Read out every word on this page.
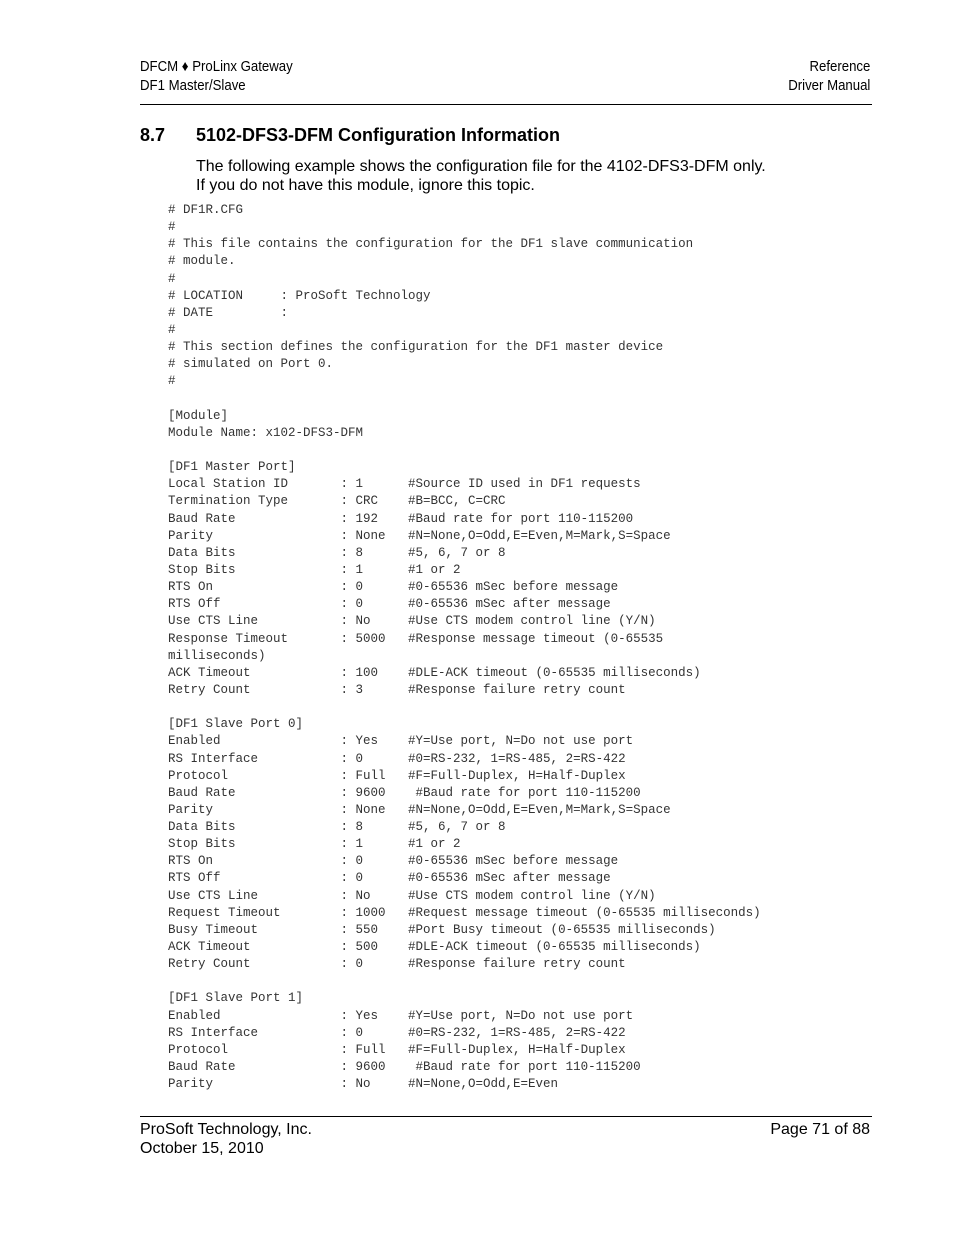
DFCM ♦ ProLinx Gateway
DF1 Master/Slave
Reference
Driver Manual
8.7 5102-DFS3-DFM Configuration Information
The following example shows the configuration file for the 4102-DFS3-DFM only.
If you do not have this module, ignore this topic.
# DF1R.CFG
#
# This file contains the configuration for the DF1 slave communication
# module.
#
# LOCATION     : ProSoft Technology
# DATE         :
#
# This section defines the configuration for the DF1 master device
# simulated on Port 0.
#
[Module]
Module Name: x102-DFS3-DFM
[DF1 Master Port]
Local Station ID       : 1      #Source ID used in DF1 requests
Termination Type       : CRC    #B=BCC, C=CRC
Baud Rate              : 192    #Baud rate for port 110-115200
Parity                 : None   #N=None,O=Odd,E=Even,M=Mark,S=Space
Data Bits              : 8      #5, 6, 7 or 8
Stop Bits              : 1      #1 or 2
RTS On                 : 0      #0-65536 mSec before message
RTS Off                : 0      #0-65536 mSec after message
Use CTS Line           : No     #Use CTS modem control line (Y/N)
Response Timeout       : 5000   #Response message timeout (0-65535
milliseconds)
ACK Timeout            : 100    #DLE-ACK timeout (0-65535 milliseconds)
Retry Count            : 3      #Response failure retry count
[DF1 Slave Port 0]
Enabled                : Yes    #Y=Use port, N=Do not use port
RS Interface           : 0      #0=RS-232, 1=RS-485, 2=RS-422
Protocol               : Full   #F=Full-Duplex, H=Half-Duplex
Baud Rate              : 9600    #Baud rate for port 110-115200
Parity                 : None   #N=None,O=Odd,E=Even,M=Mark,S=Space
Data Bits              : 8      #5, 6, 7 or 8
Stop Bits              : 1      #1 or 2
RTS On                 : 0      #0-65536 mSec before message
RTS Off                : 0      #0-65536 mSec after message
Use CTS Line           : No     #Use CTS modem control line (Y/N)
Request Timeout        : 1000   #Request message timeout (0-65535 milliseconds)
Busy Timeout           : 550    #Port Busy timeout (0-65535 milliseconds)
ACK Timeout            : 500    #DLE-ACK timeout (0-65535 milliseconds)
Retry Count            : 0      #Response failure retry count
[DF1 Slave Port 1]
Enabled                : Yes    #Y=Use port, N=Do not use port
RS Interface           : 0      #0=RS-232, 1=RS-485, 2=RS-422
Protocol               : Full   #F=Full-Duplex, H=Half-Duplex
Baud Rate              : 9600    #Baud rate for port 110-115200
Parity                 : No     #N=None,O=Odd,E=Even
ProSoft Technology, Inc.
October 15, 2010
Page 71 of 88
